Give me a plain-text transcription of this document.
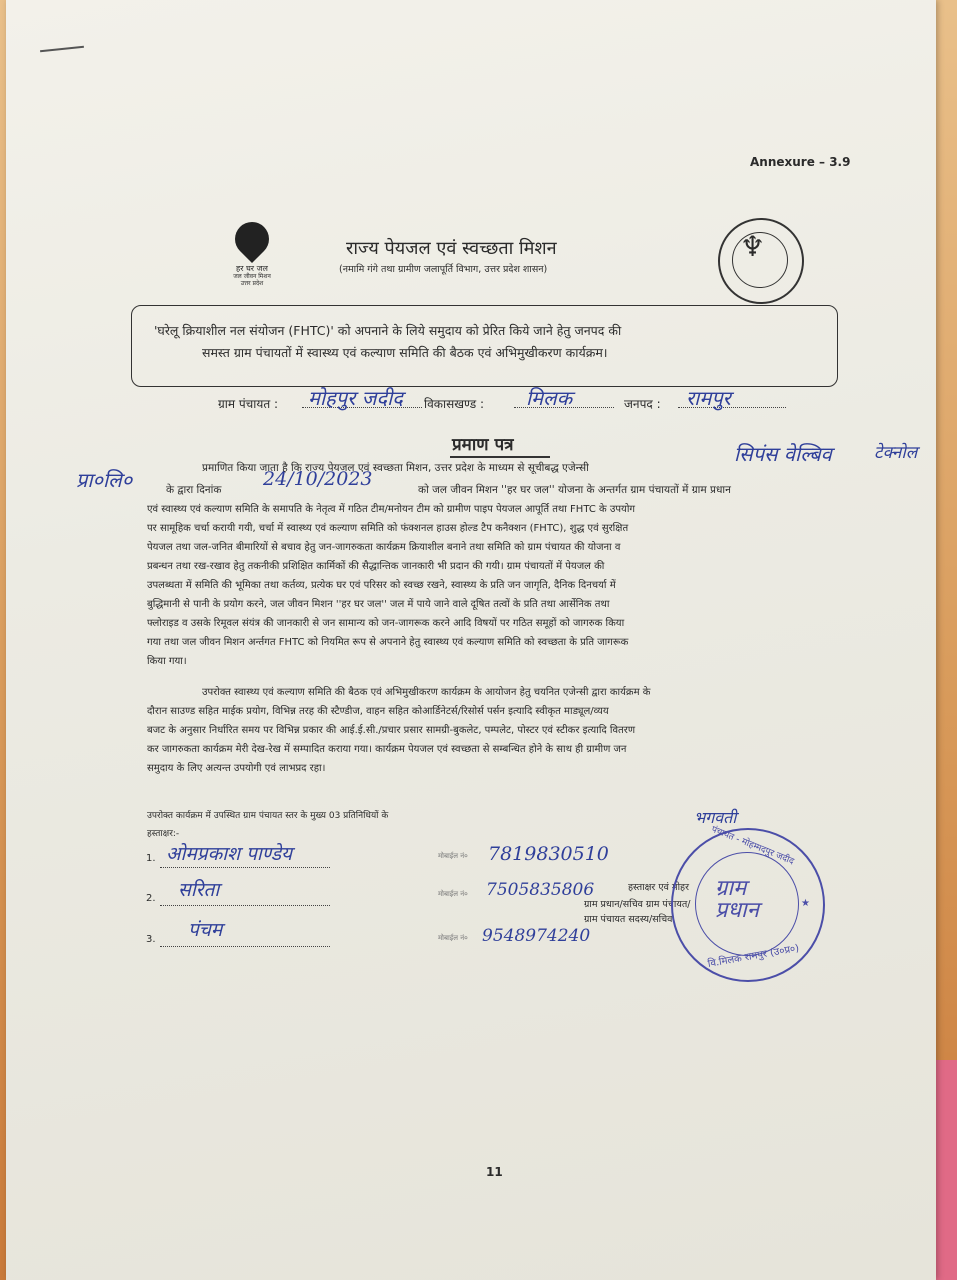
Annexure – 3.9
हर घर जल
जल जीवन मिशन
उत्तर प्रदेश
राज्य पेयजल एवं स्वच्छता मिशन
(नमामि गंगे तथा ग्रामीण जलापूर्ति विभाग, उत्तर प्रदेश शासन)
♆
'घरेलू क्रियाशील नल संयोजन (FHTC)' को अपनाने के लिये समुदाय को प्रेरित किये जाने हेतु जनपद की
समस्त ग्राम पंचायतों में स्वास्थ्य एवं कल्याण समिति की बैठक एवं अभिमुखीकरण कार्यक्रम।
ग्राम पंचायत : मोहपुर जदीद विकासखण्ड : मिलक	जनपद : रामपुर
प्रमाण पत्र	सिपंस वेल्बिव टेक्नोल
प्रा०लि०	24/10/2023
प्रमाणित किया जाता है कि राज्य पेयजल एवं स्वच्छता मिशन, उत्तर प्रदेश के माध्यम से सूचीबद्ध एजेन्सी
के द्वारा दिनांक	को जल जीवन मिशन ''हर घर जल'' योजना के अन्तर्गत ग्राम पंचायतों में ग्राम प्रधान
एवं स्वास्थ्य एवं कल्याण समिति के समापति के नेतृत्व में गठित टीम/मनोयन टीम को ग्रामीण पाइप पेयजल आपूर्ति तथा FHTC के उपयोग
पर सामूहिक चर्चा करायी गयी, चर्चा में स्वास्थ्य एवं कल्याण समिति को फंक्शनल हाउस होल्ड टैप कनैक्शन (FHTC), शुद्ध एवं सुरक्षित
पेयजल तथा जल-जनित बीमारियों से बचाव हेतु जन-जागरुकता कार्यक्रम क्रियाशील बनाने तथा समिति को ग्राम पंचायत की योजना व
प्रबन्धन तथा रख-रखाव हेतु तकनीकी प्रशिक्षित कार्मिकों की सैद्धान्तिक जानकारी भी प्रदान की गयी। ग्राम पंचायतों में पेयजल की
उपलब्धता में समिति की भूमिका तथा कर्तव्य, प्रत्येक घर एवं परिसर को स्वच्छ रखने, स्वास्थ्य के प्रति जन जागृति, दैनिक दिनचर्या में
बुद्धिमानी से पानी के प्रयोग करने, जल जीवन मिशन ''हर घर जल'' जल में पाये जाने वाले दूषित तत्वों के प्रति तथा आर्सेनिक तथा
फ्लोराइड व उसके रिमूवल संयंत्र की जानकारी से जन सामान्य को जन-जागरूक करने आदि विषयों पर गठित समूहों को जागरुक किया
गया तथा जल जीवन मिशन अर्न्तगत FHTC को नियमित रूप से अपनाने हेतु स्वास्थ्य एवं कल्याण समिति को स्वच्छता के प्रति जागरूक
किया गया।
उपरोक्त स्वास्थ्य एवं कल्याण समिति की बैठक एवं अभिमुखीकरण कार्यक्रम के आयोजन हेतु चयनित एजेन्सी द्वारा कार्यक्रम के
दौरान साउण्ड सहित माईक प्रयोग, विभिन्न तरह की स्टैण्डीज, वाहन सहित कोआर्डिनेटर्स/रिसोर्स पर्सन इत्यादि स्वीकृत माड्यूल/व्यय
बजट के अनुसार निर्धारित समय पर विभिन्न प्रकार की आई.ई.सी./प्रचार प्रसार सामग्री-बुकलेट, पम्पलेट, पोस्टर एवं स्टीकर इत्यादि वितरण
कर जागरुकता कार्यक्रम मेरी देख-रेख में सम्पादित कराया गया। कार्यक्रम पेयजल एवं स्वच्छता से सम्बन्धित होने के साथ ही ग्रामीण जन
समुदाय के लिए अत्यन्त उपयोगी एवं लाभप्रद रहा।
उपरोक्त कार्यक्रम में उपस्थित ग्राम पंचायत स्तर के मुख्य 03 प्रतिनिधियों के
हस्ताक्षर:-
1. ओमप्रकाश पाण्डेय	मोबाईल नं० 7819830510
2. सरिता	मोबाईल नं० 7505835806
3. पंचम	मोबाईल नं० 9548974240
भगवती
हस्ताक्षर एवं मोहर
ग्राम प्रधान/सचिव ग्राम पंचायत/
ग्राम पंचायत सदस्य/सचिव
पंचायत - मोहम्मदपुर जदीद
ग्राम
प्रधान	★
वि.मिलक रामपुर (उ०प्र०)
11
